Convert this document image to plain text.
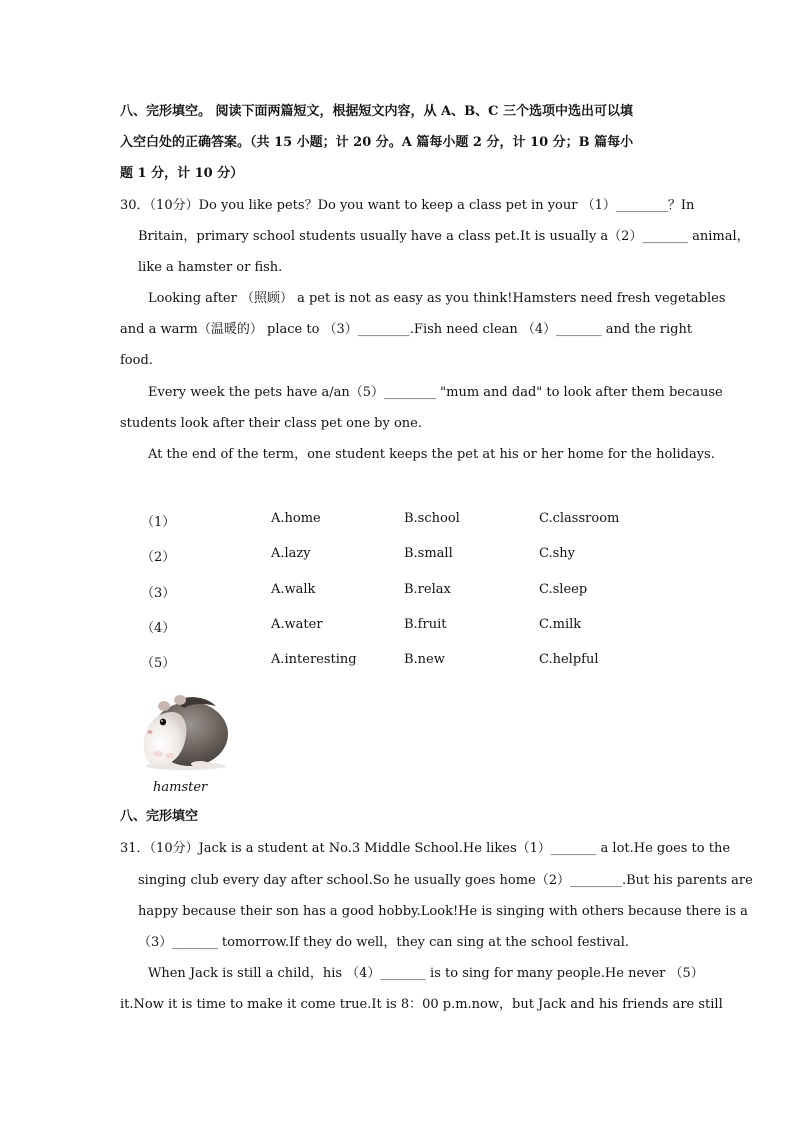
八、完形填空。 阅读下面两篇短文，根据短文内容，从 A、B、C 三个选项中选出可以填
入空白处的正确答案。（共 15 小题；计 20 分。A 篇每小题 2 分，计 10 分；B 篇每小
题 1 分，计 10 分）
30．（10分）Do you like pets？Do you want to keep a class pet in your （1）________？In
Britain，primary school students usually have a class pet.It is usually a（2）_______ animal，
like a hamster or fish.
Looking after （照顾） a pet is not as easy as you think!Hamsters need fresh vegetables
and a warm（温暖的） place to （3）________.Fish need clean （4）_______ and the right
food.
Every week the pets have a/an（5）________ "mum and dad" to look after them because
students look after their class pet one by one.
At the end of the term，one student keeps the pet at his or her home for the holidays.
（1）	A.home	B.school	C.classroom
（2）	A.lazy	B.small	C.shy
（3）	A.walk	B.relax	C.sleep
（4）	A.water	B.fruit	C.milk
（5）	A.interesting	B.new	C.helpful
hamster
八、完形填空
31．（10分）Jack is a student at No.3 Middle School.He likes（1）_______ a lot.He goes to the
singing club every day after school.So he usually goes home（2）________.But his parents are
happy because their son has a good hobby.Look!He is singing with others because there is a
（3）_______ tomorrow.If they do well，they can sing at the school festival.
When Jack is still a child，his （4）_______ is to sing for many people.He never （5）
it.Now it is time to make it come true.It is 8：00 p.m.now，but Jack and his friends are still
